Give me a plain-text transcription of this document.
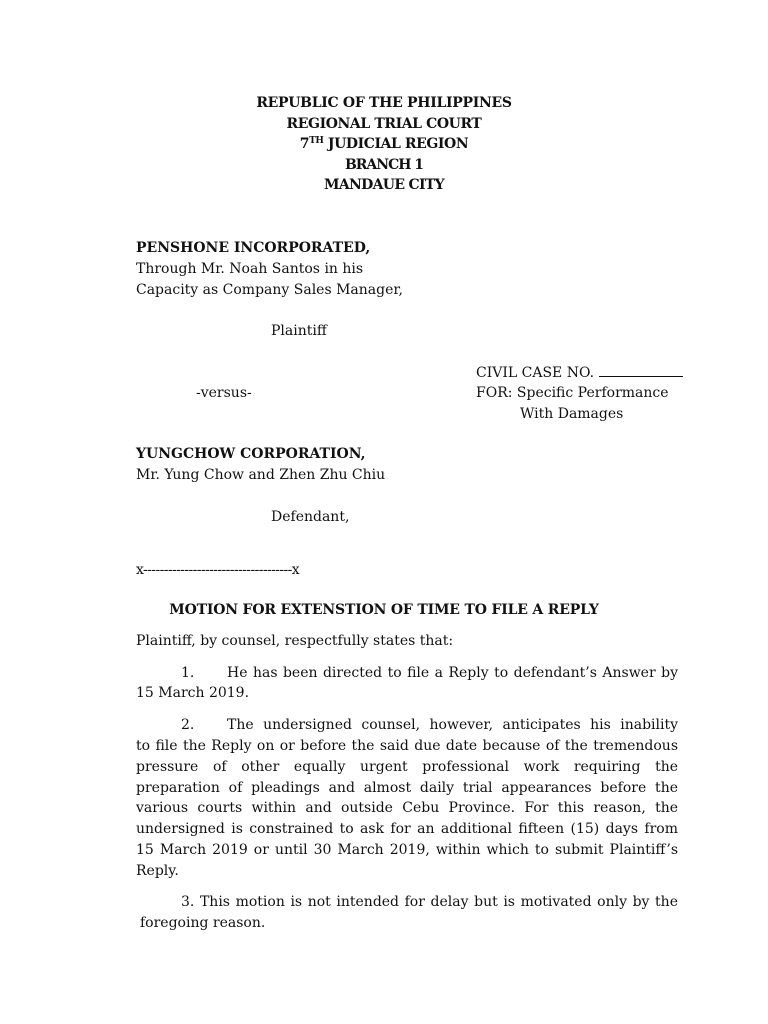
REPUBLIC OF THE PHILIPPINES
REGIONAL TRIAL COURT
7TH JUDICIAL REGION
BRANCH 1
MANDAUE CITY
PENSHONE INCORPORATED,
Through Mr. Noah Santos in his
Capacity as Company Sales Manager,
Plaintiff
CIVIL CASE NO.
-versus-	FOR: Specific Performance
With Damages
YUNGCHOW CORPORATION,
Mr. Yung Chow and Zhen Zhu Chiu
Defendant,
x------------------------------------x
MOTION FOR EXTENSTION OF TIME TO FILE A REPLY
Plaintiff, by counsel, respectfully states that:
1. He has been directed to file a Reply to defendant’s Answer by
15 March 2019.
2. The undersigned counsel, however, anticipates his inability
to file the Reply on or before the said due date because of the tremendous
pressure of other equally urgent professional work requiring the
preparation of pleadings and almost daily trial appearances before the
various courts within and outside Cebu Province. For this reason, the
undersigned is constrained to ask for an additional fifteen (15) days from
15 March 2019 or until 30 March 2019, within which to submit Plaintiff’s
Reply.
3. This motion is not intended for delay but is motivated only by the
foregoing reason.
